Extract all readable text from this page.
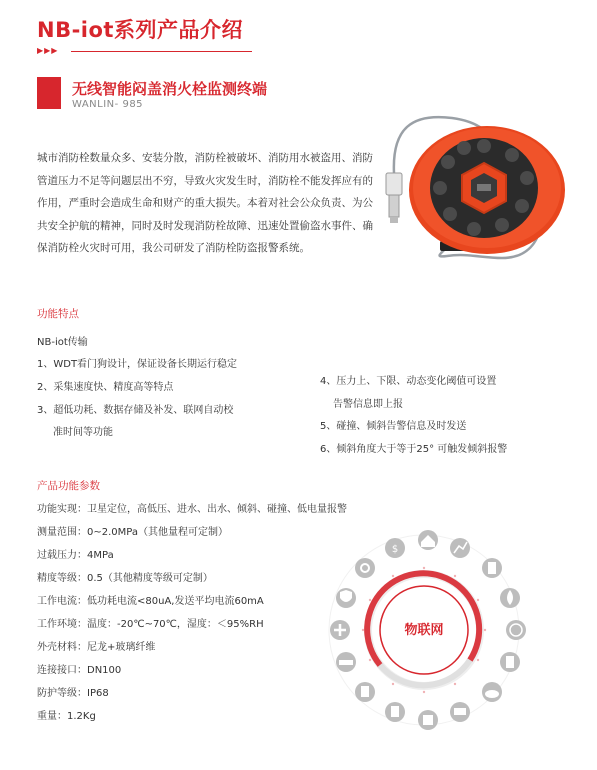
NB-iot系列产品介绍
▶▶▶
无线智能闷盖消火栓监测终端
WANLIN- 985
城市消防栓数量众多、安装分散，消防栓被破坏、消防用水被盗用、消防管道压力不足等问题层出不穷，导致火灾发生时，消防栓不能发挥应有的作用，严重时会造成生命和财产的重大损失。本着对社会公众负责、为公共安全护航的精神，同时及时发现消防栓故障、迅速处置偷盗水事件、确保消防栓火灾时可用，我公司研发了消防栓防盗报警系统。
功能特点
NB-iot传输
1、WDT看门狗设计，保证设备长期运行稳定
2、采集速度快、精度高等特点
3、超低功耗、数据存储及补发、联网自动校
准时间等功能
4、压力上、下限、动态变化阈值可设置
告警信息即上报
5、碰撞、倾斜告警信息及时发送
6、倾斜角度大于等于25° 可触发倾斜报警
产品功能参数
功能实现：卫星定位，高低压、进水、出水、倾斜、碰撞、低电量报警
测量范围：0~2.0MPa（其他量程可定制）
过载压力：4MPa
精度等级：0.5（其他精度等级可定制）
工作电流：低功耗电流<80uA,发送平均电流60mA
工作环境：温度：-20℃~70℃，湿度：＜95%RH
外壳材料：尼龙+玻璃纤维
连接接口：DN100
防护等级：IP68
重量：1.2Kg
物联网
$
